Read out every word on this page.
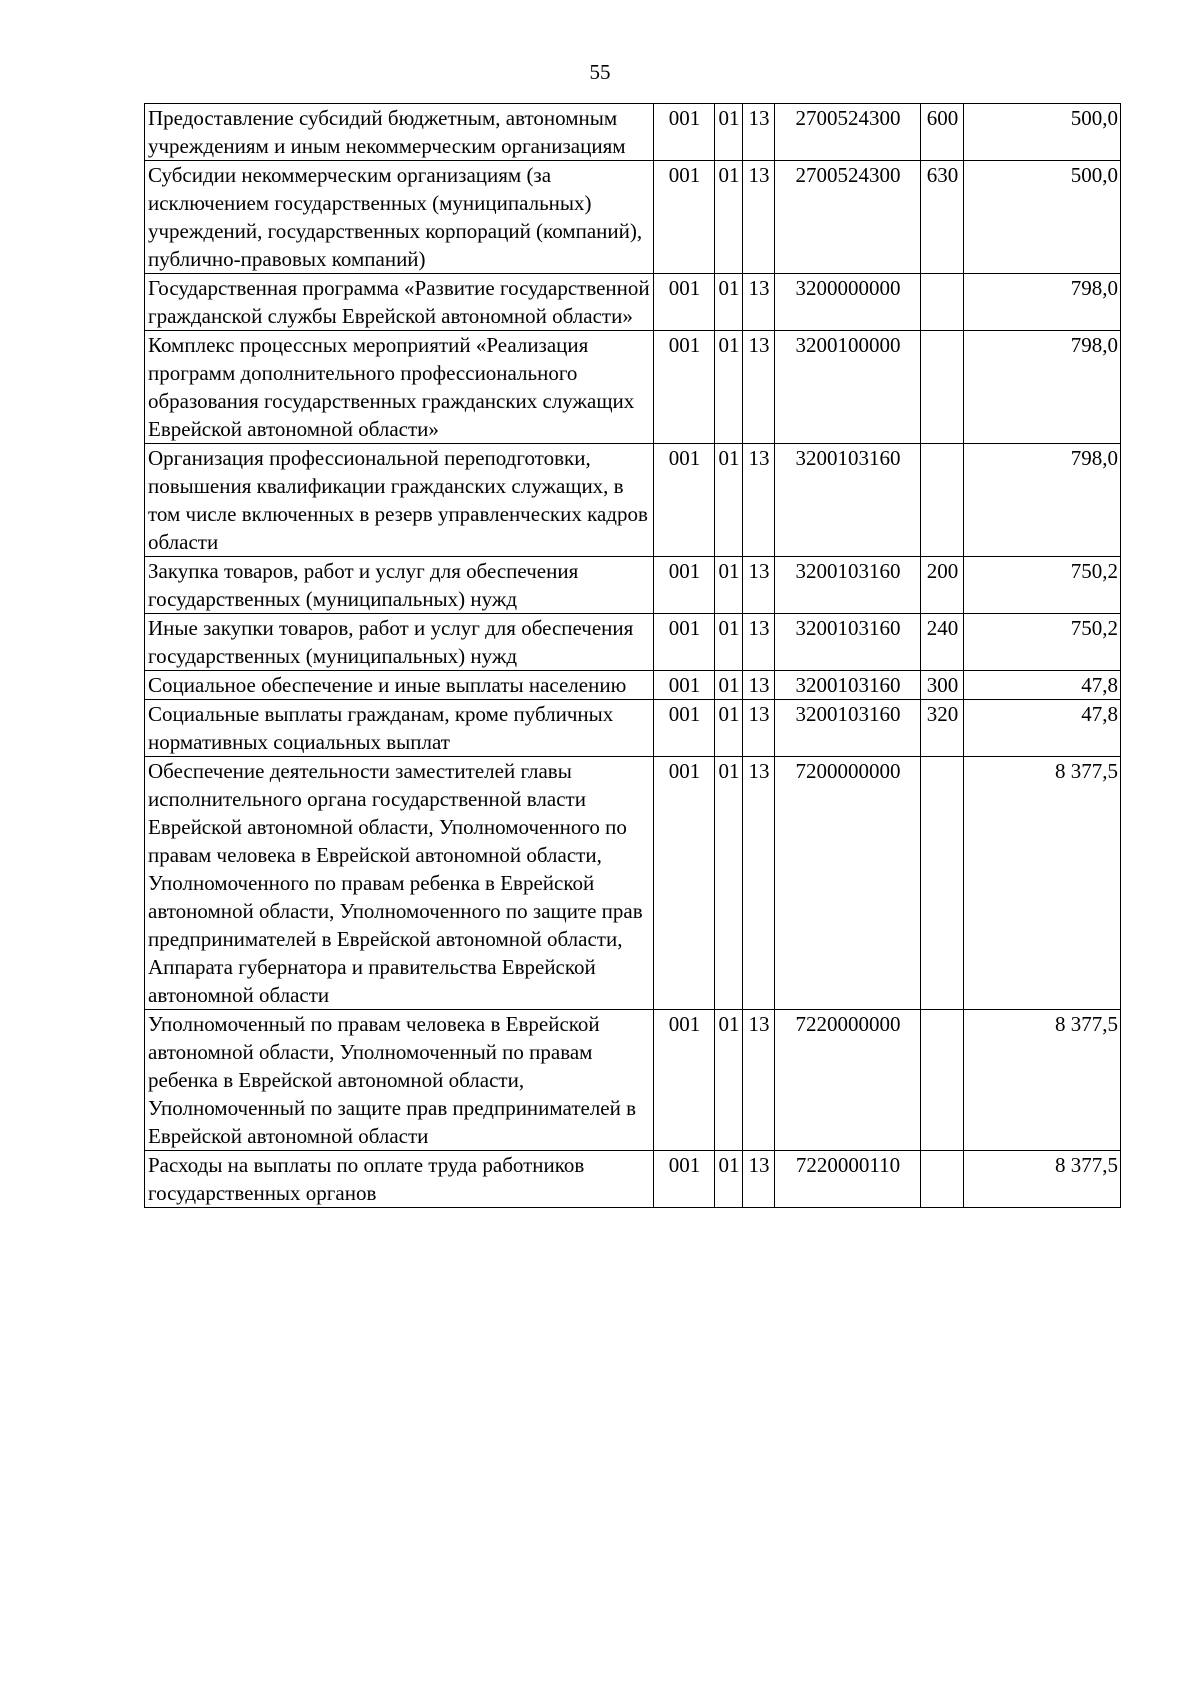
55
Предоставление субсидий бюджетным, автономным учреждениям и иным некоммерческим организациям	001	01	13	2700524300	600	500,0
Субсидии некоммерческим организациям (за исключением государственных (муниципальных) учреждений, государственных корпораций (компаний), публично-правовых компаний)	001	01	13	2700524300	630	500,0
Государственная программа «Развитие государственной гражданской службы Еврейской автономной области»	001	01	13	3200000000		798,0
Комплекс процессных мероприятий «Реализация программ дополнительного профессионального образования государственных гражданских служащих Еврейской автономной области»	001	01	13	3200100000		798,0
Организация профессиональной переподготовки, повышения квалификации гражданских служащих, в том числе включенных в резерв управленческих кадров области	001	01	13	3200103160		798,0
Закупка товаров, работ и услуг для обеспечения государственных (муниципальных) нужд	001	01	13	3200103160	200	750,2
Иные закупки товаров, работ и услуг для обеспечения государственных (муниципальных) нужд	001	01	13	3200103160	240	750,2
Социальное обеспечение и иные выплаты населению	001	01	13	3200103160	300	47,8
Социальные выплаты гражданам, кроме публичных нормативных социальных выплат	001	01	13	3200103160	320	47,8
Обеспечение деятельности заместителей главы исполнительного органа государственной власти Еврейской автономной области, Уполномоченного по правам человека в Еврейской автономной области, Уполномоченного по правам ребенка в Еврейской автономной области, Уполномоченного по защите прав предпринимателей в Еврейской автономной области, Аппарата губернатора и правительства Еврейской автономной области	001	01	13	7200000000		8 377,5
Уполномоченный по правам человека в Еврейской автономной области, Уполномоченный по правам ребенка в Еврейской автономной области, Уполномоченный по защите прав предпринимателей в Еврейской автономной области	001	01	13	7220000000		8 377,5
Расходы на выплаты по оплате труда работников государственных органов	001	01	13	7220000110		8 377,5
